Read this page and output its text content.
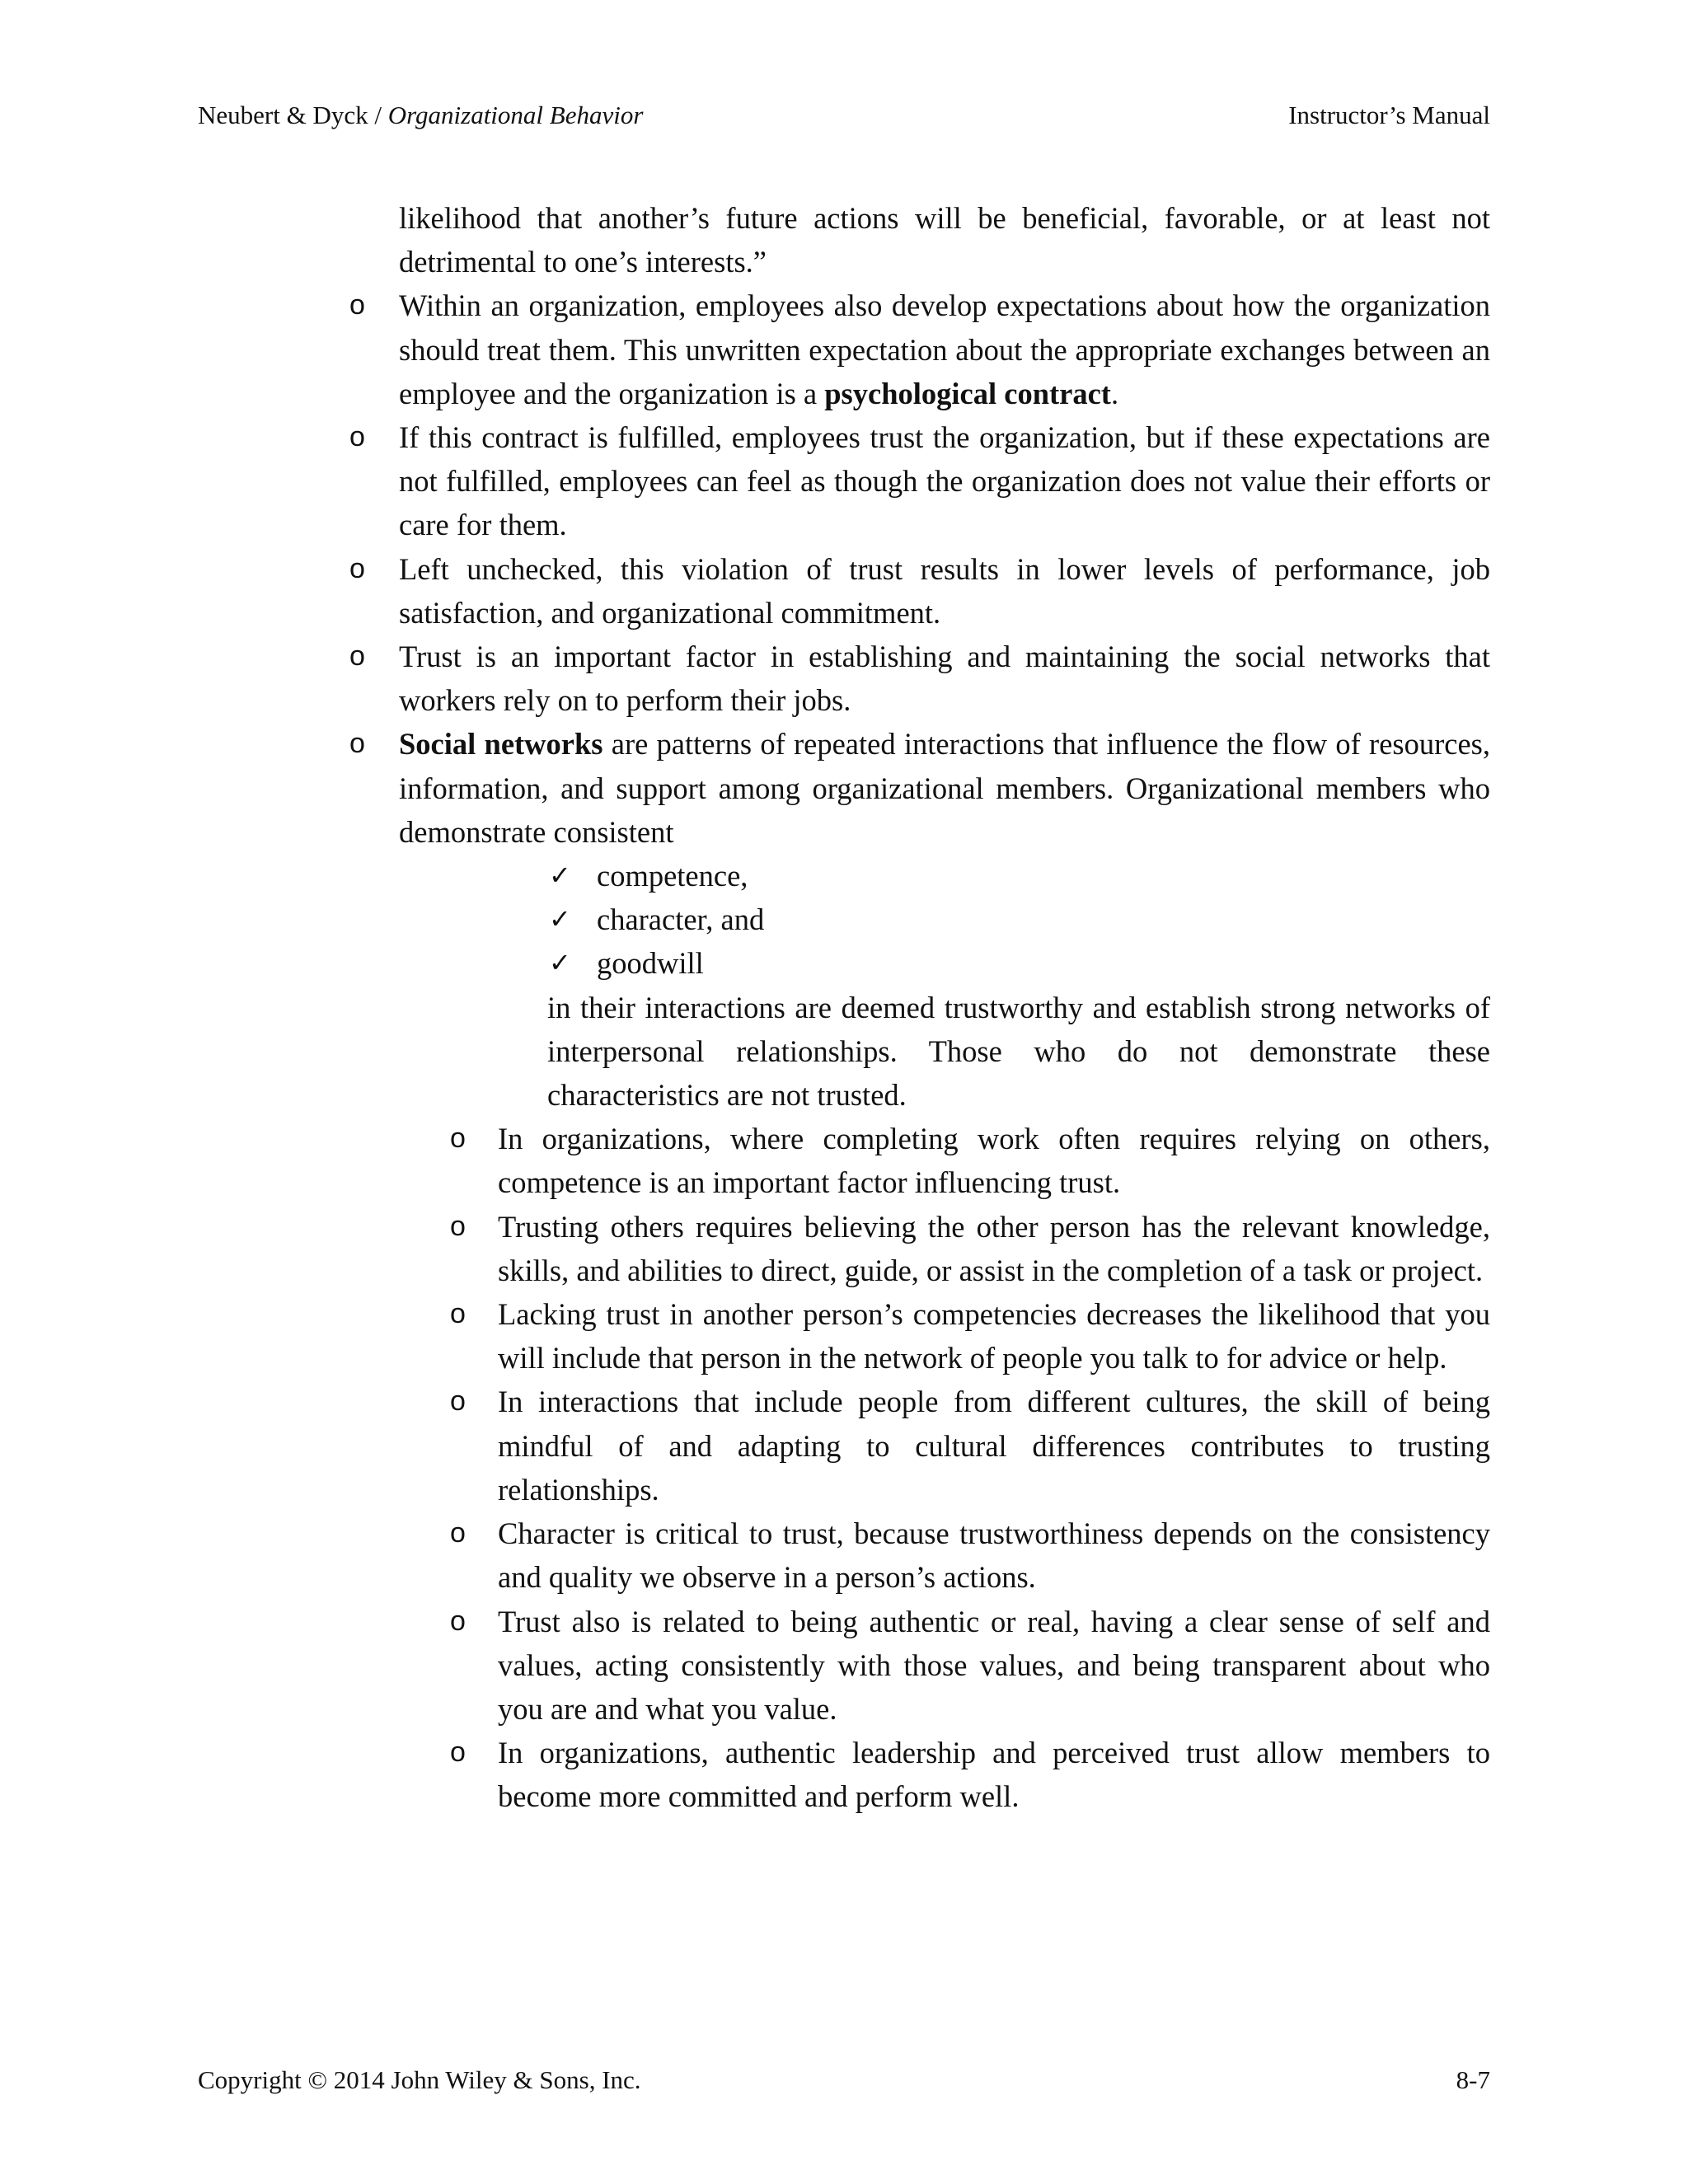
Neubert & Dyck / Organizational Behavior	Instructor’s Manual
likelihood that another’s future actions will be beneficial, favorable, or at least not detrimental to one’s interests.”
o Within an organization, employees also develop expectations about how the organization should treat them. This unwritten expectation about the appropriate exchanges between an employee and the organization is a psychological contract.
o If this contract is fulfilled, employees trust the organization, but if these expectations are not fulfilled, employees can feel as though the organization does not value their efforts or care for them.
o Left unchecked, this violation of trust results in lower levels of performance, job satisfaction, and organizational commitment.
o Trust is an important factor in establishing and maintaining the social networks that workers rely on to perform their jobs.
o Social networks are patterns of repeated interactions that influence the flow of resources, information, and support among organizational members. Organizational members who demonstrate consistent
✓ competence,
✓ character, and
✓ goodwill
in their interactions are deemed trustworthy and establish strong networks of interpersonal relationships. Those who do not demonstrate these characteristics are not trusted.
o In organizations, where completing work often requires relying on others, competence is an important factor influencing trust.
o Trusting others requires believing the other person has the relevant knowledge, skills, and abilities to direct, guide, or assist in the completion of a task or project.
o Lacking trust in another person’s competencies decreases the likelihood that you will include that person in the network of people you talk to for advice or help.
o In interactions that include people from different cultures, the skill of being mindful of and adapting to cultural differences contributes to trusting relationships.
o Character is critical to trust, because trustworthiness depends on the consistency and quality we observe in a person’s actions.
o Trust also is related to being authentic or real, having a clear sense of self and values, acting consistently with those values, and being transparent about who you are and what you value.
o In organizations, authentic leadership and perceived trust allow members to become more committed and perform well.
Copyright © 2014 John Wiley & Sons, Inc.	8-7
